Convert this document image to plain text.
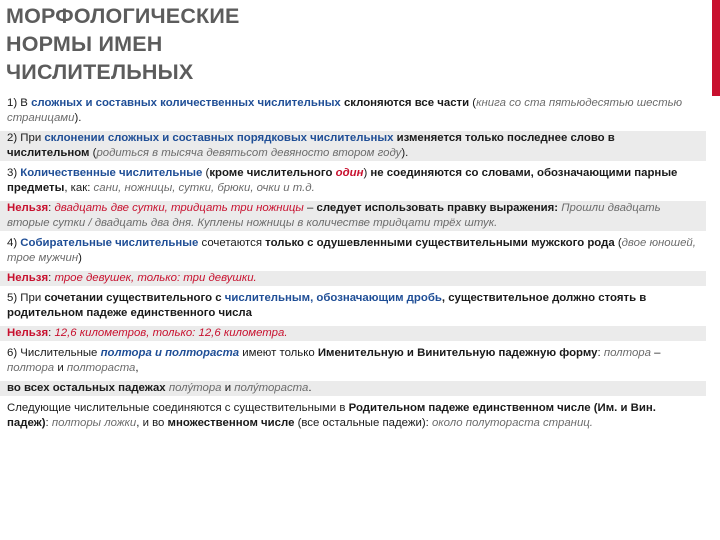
МОРФОЛОГИЧЕСКИЕ
НОРМЫ ИМЕН
ЧИСЛИТЕЛЬНЫХ
1) В сложных и составных количественных числительных склоняются все части (книга со ста пятьюдесятью шестью страницами).
2) При склонении сложных и составных порядковых числительных изменяется только последнее слово в числительном (родиться в тысяча девятьсот девяносто втором году).
3) Количественные числительные (кроме числительного один) не соединяются со словами, обозначающими парные предметы, как: сани, ножницы, сутки, брюки, очки и т.д.
Нельзя: двадцать две сутки, тридцать три ножницы – следует использовать правку выражения: Прошли двадцать вторые сутки / двадцать два дня. Куплены ножницы в количестве тридцати трёх штук.
4) Собирательные числительные сочетаются только с одушевленными существительными мужского рода (двое юношей, трое мужчин)
Нельзя: трое девушек, только: три девушки.
5) При сочетании существительного с числительным, обозначающим дробь, существительное должно стоять в родительном падеже единственного числа
Нельзя: 12,6 километров, только: 12,6 километра.
6) Числительные полтора и полтораста имеют только Именительную и Винительную падежную форму: полтора – полтора и полтораста,
во всех остальных падежах полу́тора и полу́тораста.
Следующие числительные соединяются с существительными в Родительном падеже единственном числе (Им. и Вин. падеж): полторы ложки, и во множественном числе (все остальные падежи): около полутораста страниц.
